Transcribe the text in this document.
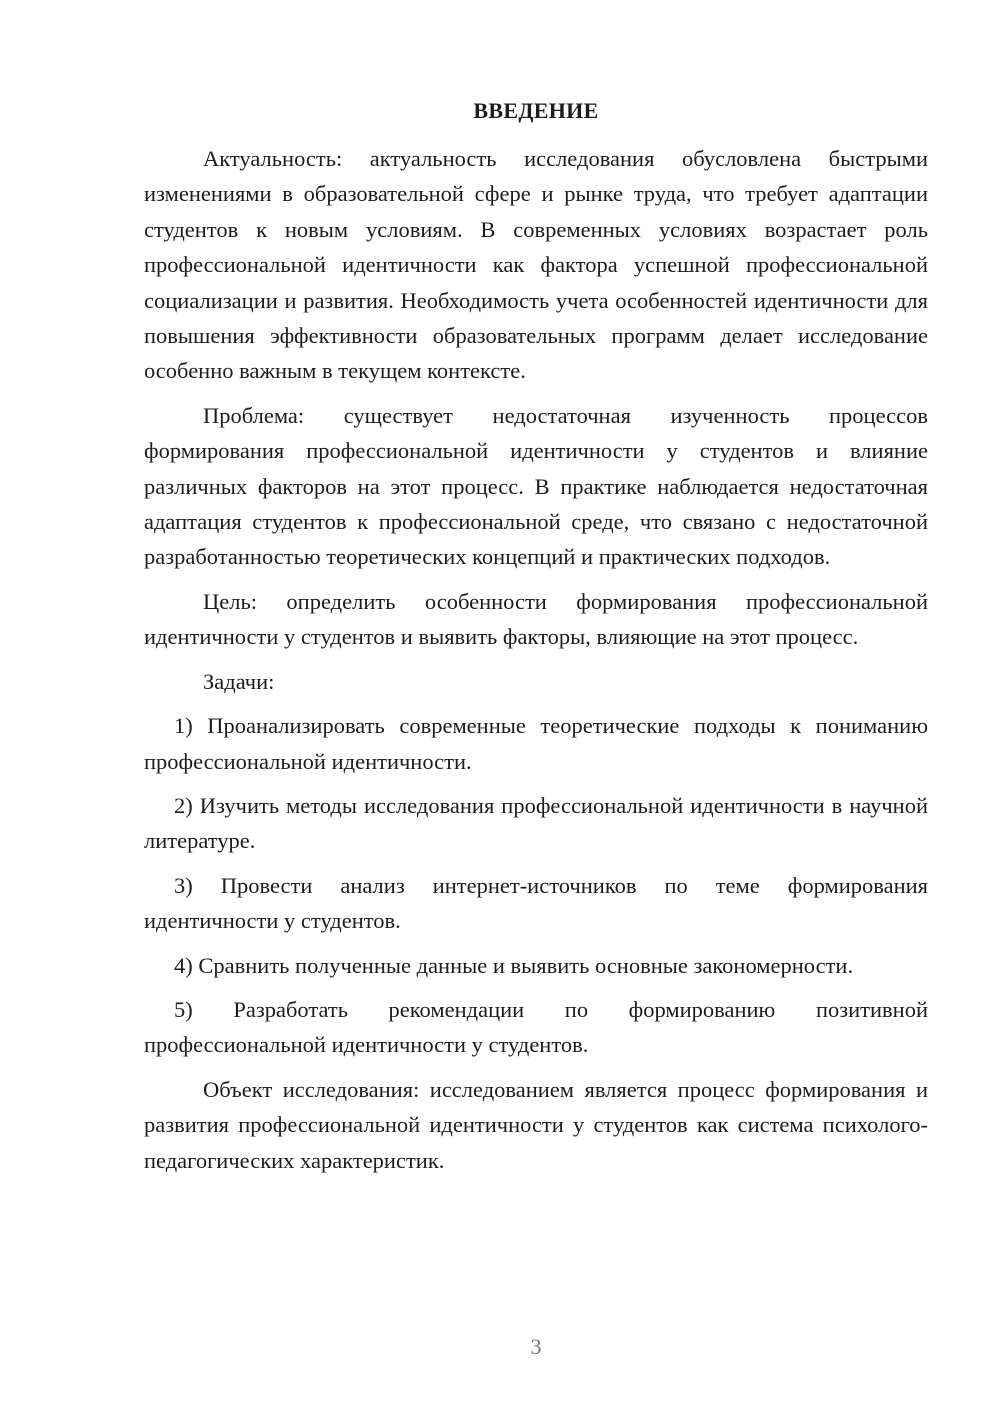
ВВЕДЕНИЕ

Актуальность: актуальность исследования обусловлена быстрыми изменениями в образовательной сфере и рынке труда, что требует адаптации студентов к новым условиям. В современных условиях возрастает роль профессиональной идентичности как фактора успешной профессиональной социализации и развития. Необходимость учета особенностей идентичности для повышения эффективности образовательных программ делает исследование особенно важным в текущем контексте.

Проблема: существует недостаточная изученность процессов формирования профессиональной идентичности у студентов и влияние различных факторов на этот процесс. В практике наблюдается недостаточная адаптация студентов к профессиональной среде, что связано с недостаточной разработанностью теоретических концепций и практических подходов.

Цель: определить особенности формирования профессиональной идентичности у студентов и выявить факторы, влияющие на этот процесс.

Задачи:

1) Проанализировать современные теоретические подходы к пониманию профессиональной идентичности.

2) Изучить методы исследования профессиональной идентичности в научной литературе.

3) Провести анализ интернет-источников по теме формирования идентичности у студентов.

4) Сравнить полученные данные и выявить основные закономерности.

5) Разработать рекомендации по формированию позитивной профессиональной идентичности у студентов.

Объект исследования: исследованием является процесс формирования и развития профессиональной идентичности у студентов как система психолого-педагогических характеристик.

3
